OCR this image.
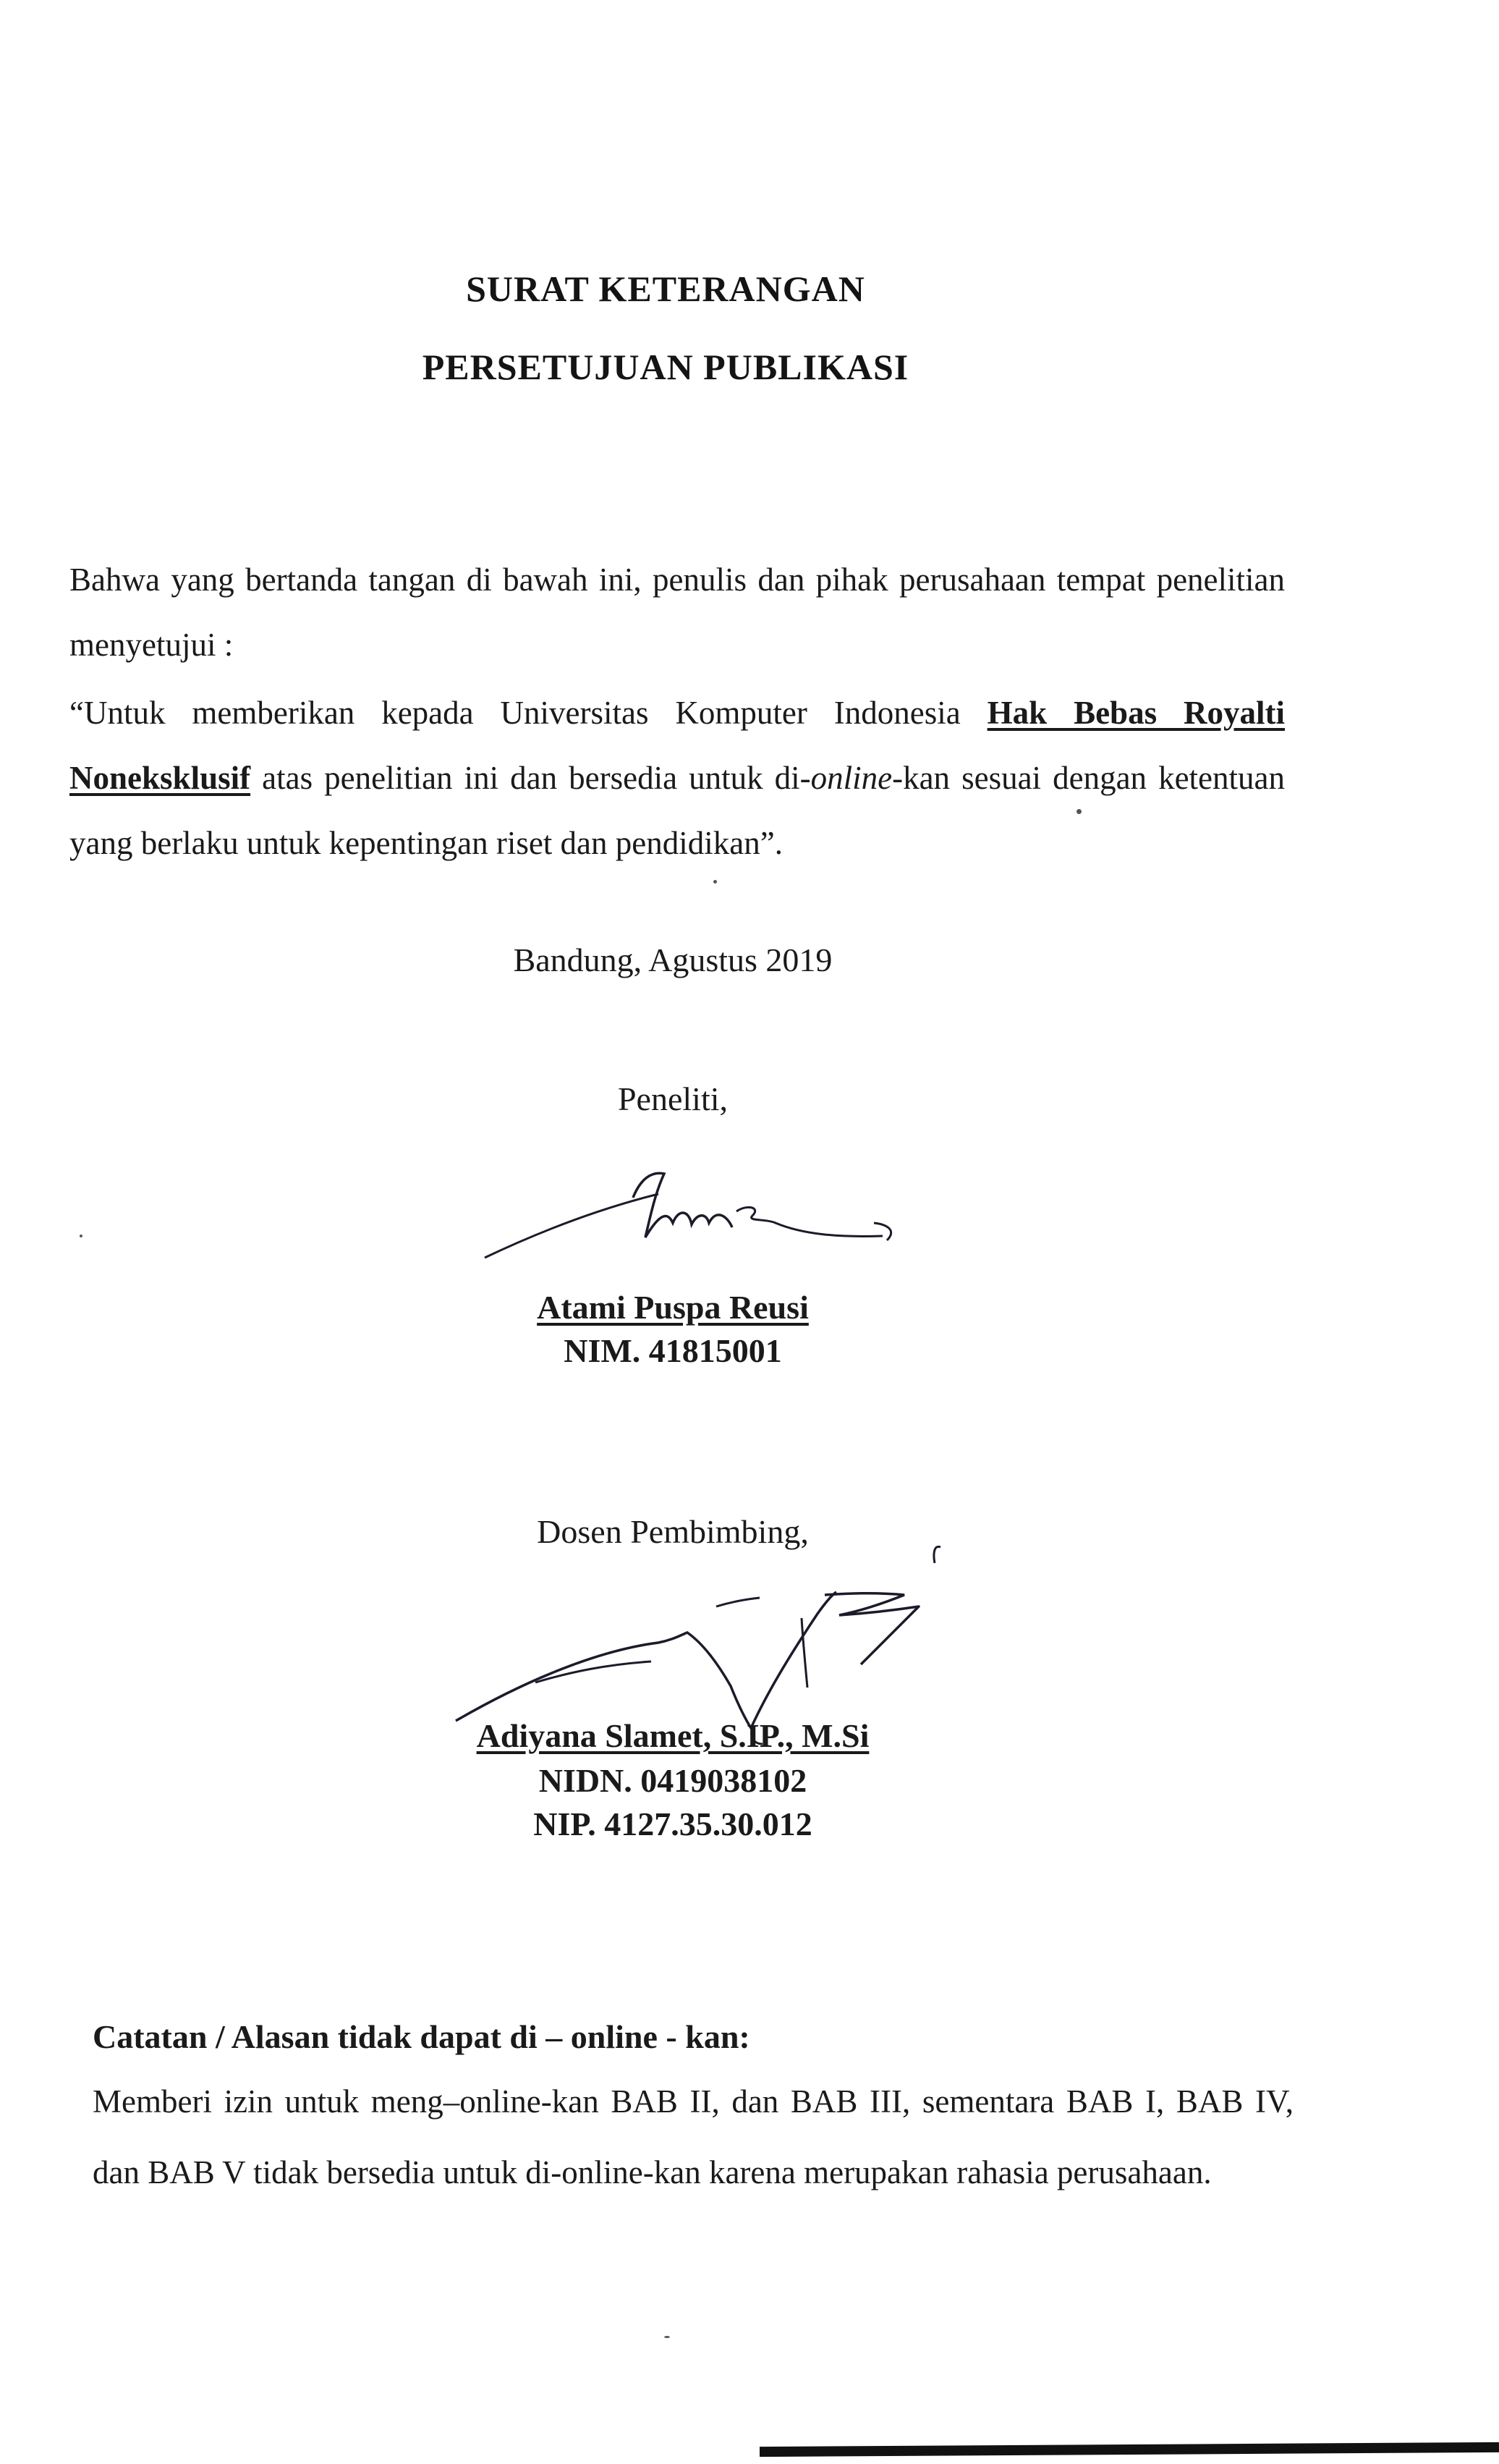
SURAT KETERANGAN
PERSETUJUAN PUBLIKASI

Bahwa yang bertanda tangan di bawah ini, penulis dan pihak perusahaan tempat penelitian menyetujui :

“Untuk memberikan kepada Universitas Komputer Indonesia Hak Bebas Royalti Noneksklusif atas penelitian ini dan bersedia untuk di-online-kan sesuai dengan ketentuan yang berlaku untuk kepentingan riset dan pendidikan”.

Bandung, Agustus 2019
Peneliti,
Atami Puspa Reusi
NIM. 41815001
Dosen Pembimbing,
Adiyana Slamet, S.IP., M.Si
NIDN. 0419038102
NIP. 4127.35.30.012
Catatan / Alasan tidak dapat di – online - kan:

Memberi izin untuk meng–online-kan BAB II, dan BAB III, sementara BAB I, BAB IV, dan BAB V tidak bersedia untuk di-online-kan karena merupakan rahasia perusahaan.
